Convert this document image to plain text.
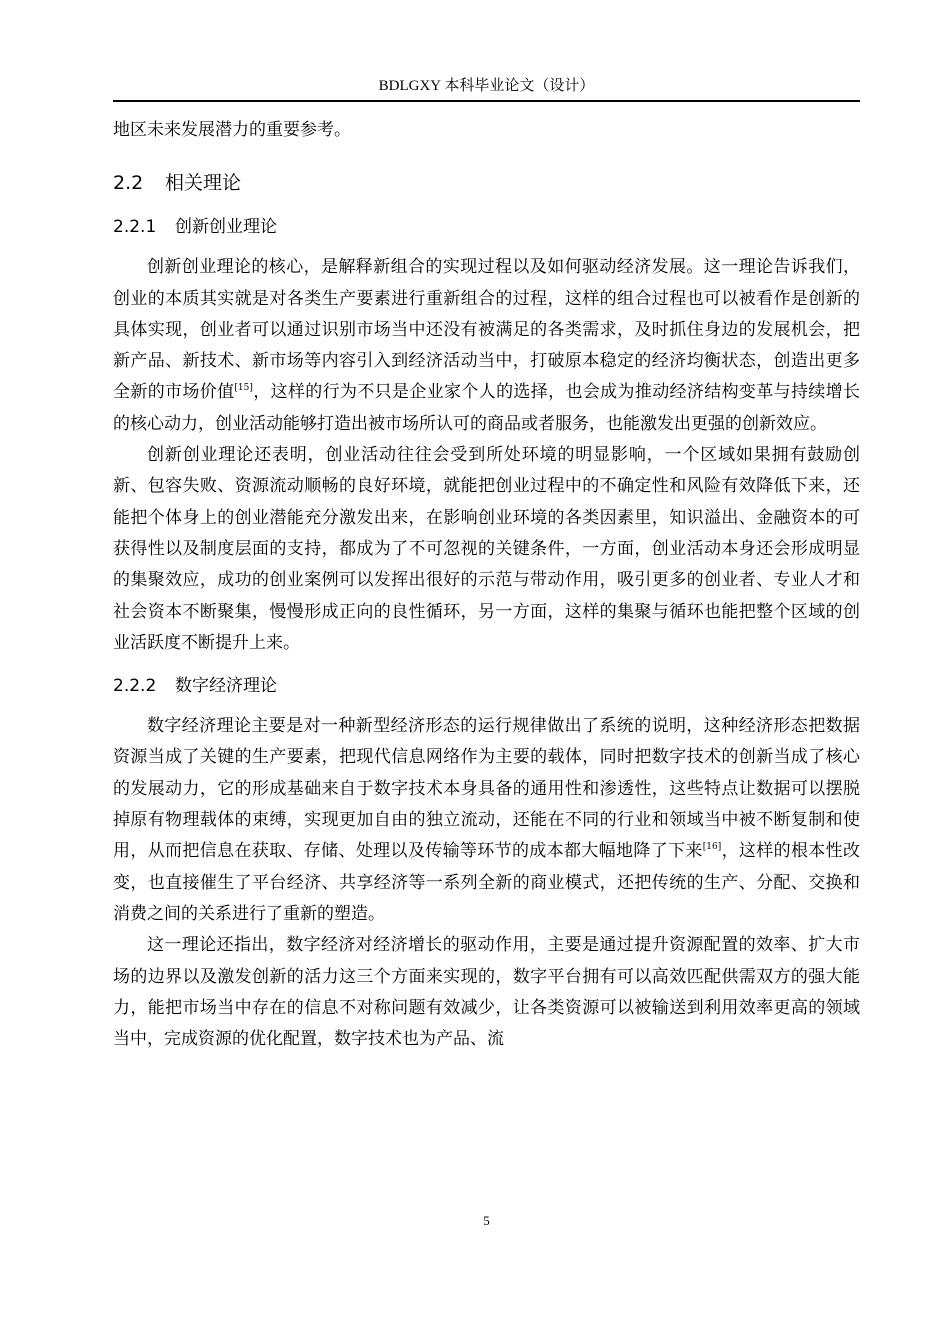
BDLGXY 本科毕业论文（设计）

地区未来发展潜力的重要参考。

2.2 相关理论
2.2.1 创新创业理论

创新创业理论的核心，是解释新组合的实现过程以及如何驱动经济发展。这一理论告诉我们，创业的本质其实就是对各类生产要素进行重新组合的过程，这样的组合过程也可以被看作是创新的具体实现，创业者可以通过识别市场当中还没有被满足的各类需求，及时抓住身边的发展机会，把新产品、新技术、新市场等内容引入到经济活动当中，打破原本稳定的经济均衡状态，创造出更多全新的市场价值[15]，这样的行为不只是企业家个人的选择，也会成为推动经济结构变革与持续增长的核心动力，创业活动能够打造出被市场所认可的商品或者服务，也能激发出更强的创新效应。

创新创业理论还表明，创业活动往往会受到所处环境的明显影响，一个区域如果拥有鼓励创新、包容失败、资源流动顺畅的良好环境，就能把创业过程中的不确定性和风险有效降低下来，还能把个体身上的创业潜能充分激发出来，在影响创业环境的各类因素里，知识溢出、金融资本的可获得性以及制度层面的支持，都成为了不可忽视的关键条件，一方面，创业活动本身还会形成明显的集聚效应，成功的创业案例可以发挥出很好的示范与带动作用，吸引更多的创业者、专业人才和社会资本不断聚集，慢慢形成正向的良性循环，另一方面，这样的集聚与循环也能把整个区域的创业活跃度不断提升上来。

2.2.2 数字经济理论

数字经济理论主要是对一种新型经济形态的运行规律做出了系统的说明，这种经济形态把数据资源当成了关键的生产要素，把现代信息网络作为主要的载体，同时把数字技术的创新当成了核心的发展动力，它的形成基础来自于数字技术本身具备的通用性和渗透性，这些特点让数据可以摆脱掉原有物理载体的束缚，实现更加自由的独立流动，还能在不同的行业和领域当中被不断复制和使用，从而把信息在获取、存储、处理以及传输等环节的成本都大幅地降了下来[16]，这样的根本性改变，也直接催生了平台经济、共享经济等一系列全新的商业模式，还把传统的生产、分配、交换和消费之间的关系进行了重新的塑造。

这一理论还指出，数字经济对经济增长的驱动作用，主要是通过提升资源配置的效率、扩大市场的边界以及激发创新的活力这三个方面来实现的，数字平台拥有可以高效匹配供需双方的强大能力，能把市场当中存在的信息不对称问题有效减少，让各类资源可以被输送到利用效率更高的领域当中，完成资源的优化配置，数字技术也为产品、流

5
